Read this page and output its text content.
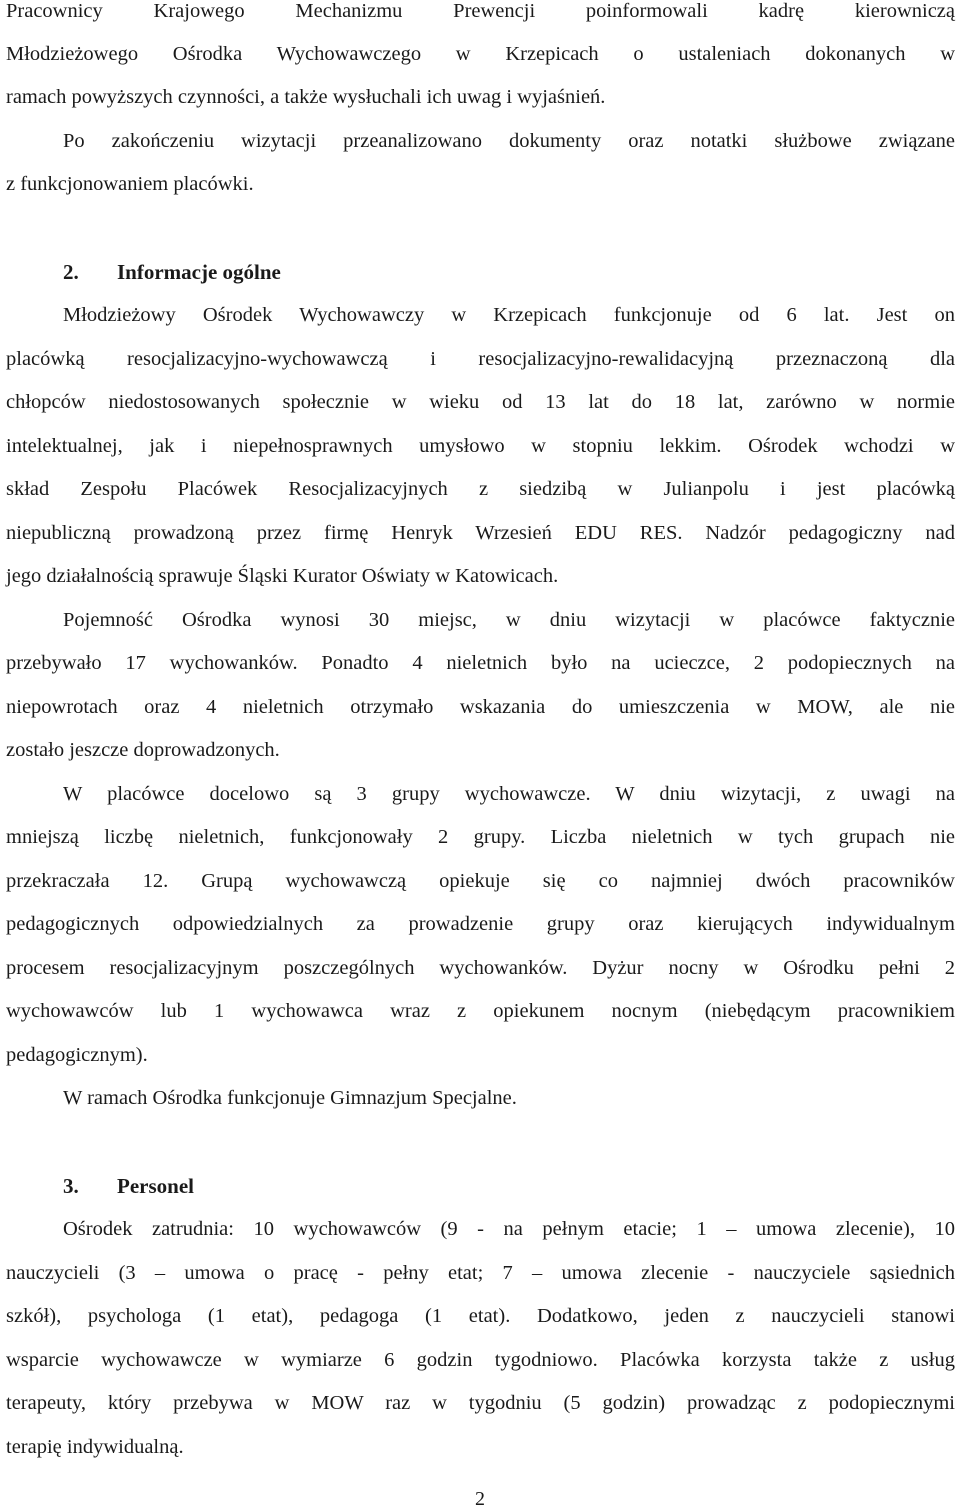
Pracownicy Krajowego Mechanizmu Prewencji poinformowali kadrę kierowniczą
Młodzieżowego Ośrodka Wychowawczego w Krzepicach o ustaleniach dokonanych w
ramach powyższych czynności, a także wysłuchali ich uwag i wyjaśnień.
Po zakończeniu wizytacji przeanalizowano dokumenty oraz notatki służbowe związane
z funkcjonowaniem placówki.
2. Informacje ogólne
Młodzieżowy Ośrodek Wychowawczy w Krzepicach funkcjonuje od 6 lat. Jest on
placówką resocjalizacyjno-wychowawczą i resocjalizacyjno-rewalidacyjną przeznaczoną dla
chłopców niedostosowanych społecznie w wieku od 13 lat do 18 lat, zarówno w normie
intelektualnej, jak i niepełnosprawnych umysłowo w stopniu lekkim. Ośrodek wchodzi w
skład Zespołu Placówek Resocjalizacyjnych z siedzibą w Julianpolu i jest placówką
niepubliczną prowadzoną przez firmę Henryk Wrzesień EDU RES. Nadzór pedagogiczny nad
jego działalnością sprawuje Śląski Kurator Oświaty w Katowicach.
Pojemność Ośrodka wynosi 30 miejsc, w dniu wizytacji w placówce faktycznie
przebywało 17 wychowanków. Ponadto 4 nieletnich było na ucieczce, 2 podopiecznych na
niepowrotach oraz 4 nieletnich otrzymało wskazania do umieszczenia w MOW, ale nie
zostało jeszcze doprowadzonych.
W placówce docelowo są 3 grupy wychowawcze. W dniu wizytacji, z uwagi na
mniejszą liczbę nieletnich, funkcjonowały 2 grupy. Liczba nieletnich w tych grupach nie
przekraczała 12. Grupą wychowawczą opiekuje się co najmniej dwóch pracowników
pedagogicznych odpowiedzialnych za prowadzenie grupy oraz kierujących indywidualnym
procesem resocjalizacyjnym poszczególnych wychowanków. Dyżur nocny w Ośrodku pełni 2
wychowawców lub 1 wychowawca wraz z opiekunem nocnym (niebędącym pracownikiem
pedagogicznym).
W ramach Ośrodka funkcjonuje Gimnazjum Specjalne.
3. Personel
Ośrodek zatrudnia: 10 wychowawców (9 - na pełnym etacie; 1 – umowa zlecenie), 10
nauczycieli (3 – umowa o pracę - pełny etat; 7 – umowa zlecenie - nauczyciele sąsiednich
szkół), psychologa (1 etat), pedagoga (1 etat). Dodatkowo, jeden z nauczycieli stanowi
wsparcie wychowawcze w wymiarze 6 godzin tygodniowo. Placówka korzysta także z usług
terapeuty, który przebywa w MOW raz w tygodniu (5 godzin) prowadząc z podopiecznymi
terapię indywidualną.
2
